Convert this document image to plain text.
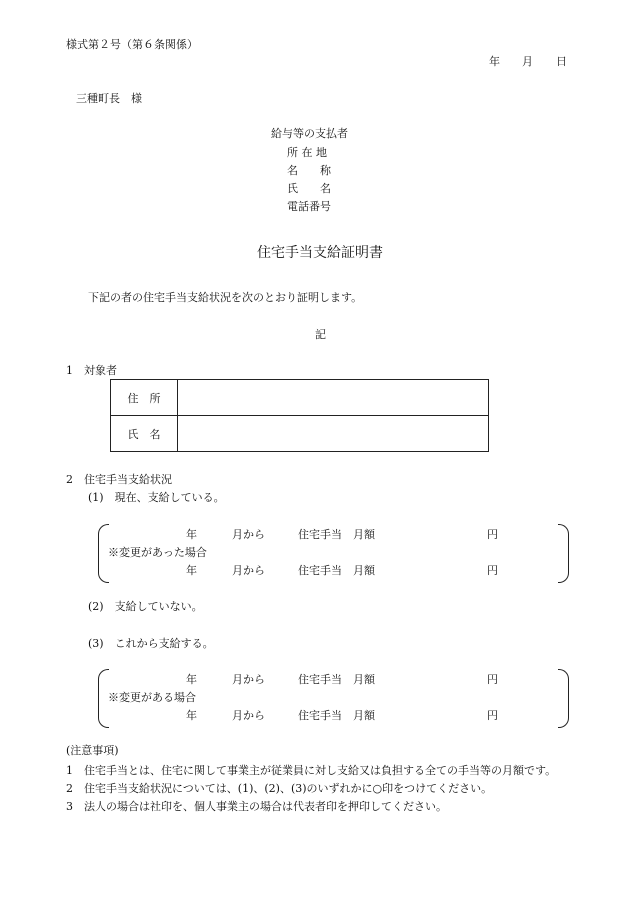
様式第２号（第６条関係）
年 月 日
三種町長　様
給与等の支払者
所 在 地
名　　称
氏　　名
電話番号
住宅手当支給証明書
下記の者の住宅手当支給状況を次のとおり証明します。
記
1　対象者
住　所	
氏　名	
2　住宅手当支給状況
(1)　現在、支給している。
年	月から	住宅手当　月額	円
※変更があった場合
年	月から	住宅手当　月額	円
(2)　支給していない。
(3)　これから支給する。
年	月から	住宅手当　月額	円
※変更がある場合
年	月から	住宅手当　月額	円
(注意事項)
1　住宅手当とは、住宅に関して事業主が従業員に対し支給又は負担する全ての手当等の月額です。
2　住宅手当支給状況については、(1)、(2)、(3)のいずれかに○印をつけてください。
3　法人の場合は社印を、個人事業主の場合は代表者印を押印してください。
